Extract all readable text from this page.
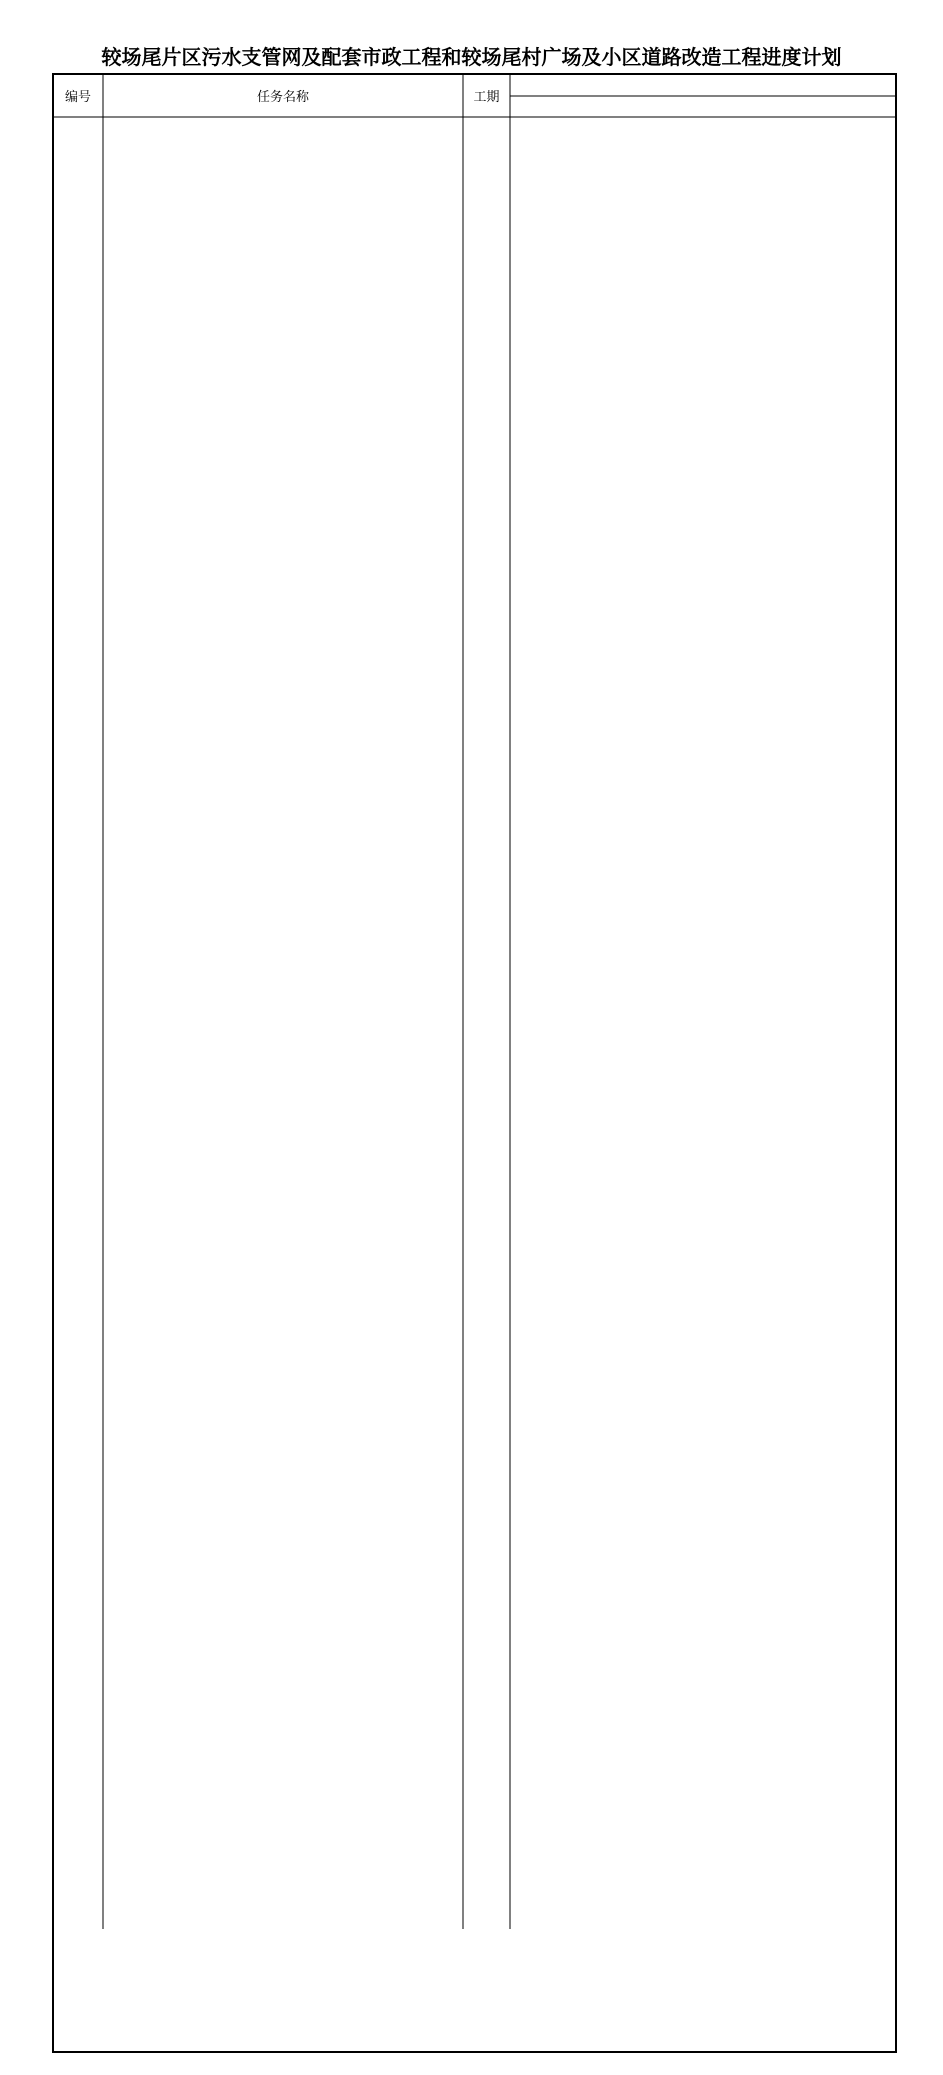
较场尾片区污水支管网及配套市政工程和较场尾村广场及小区道路改造工程进度计划
编号	任务名称	工期
